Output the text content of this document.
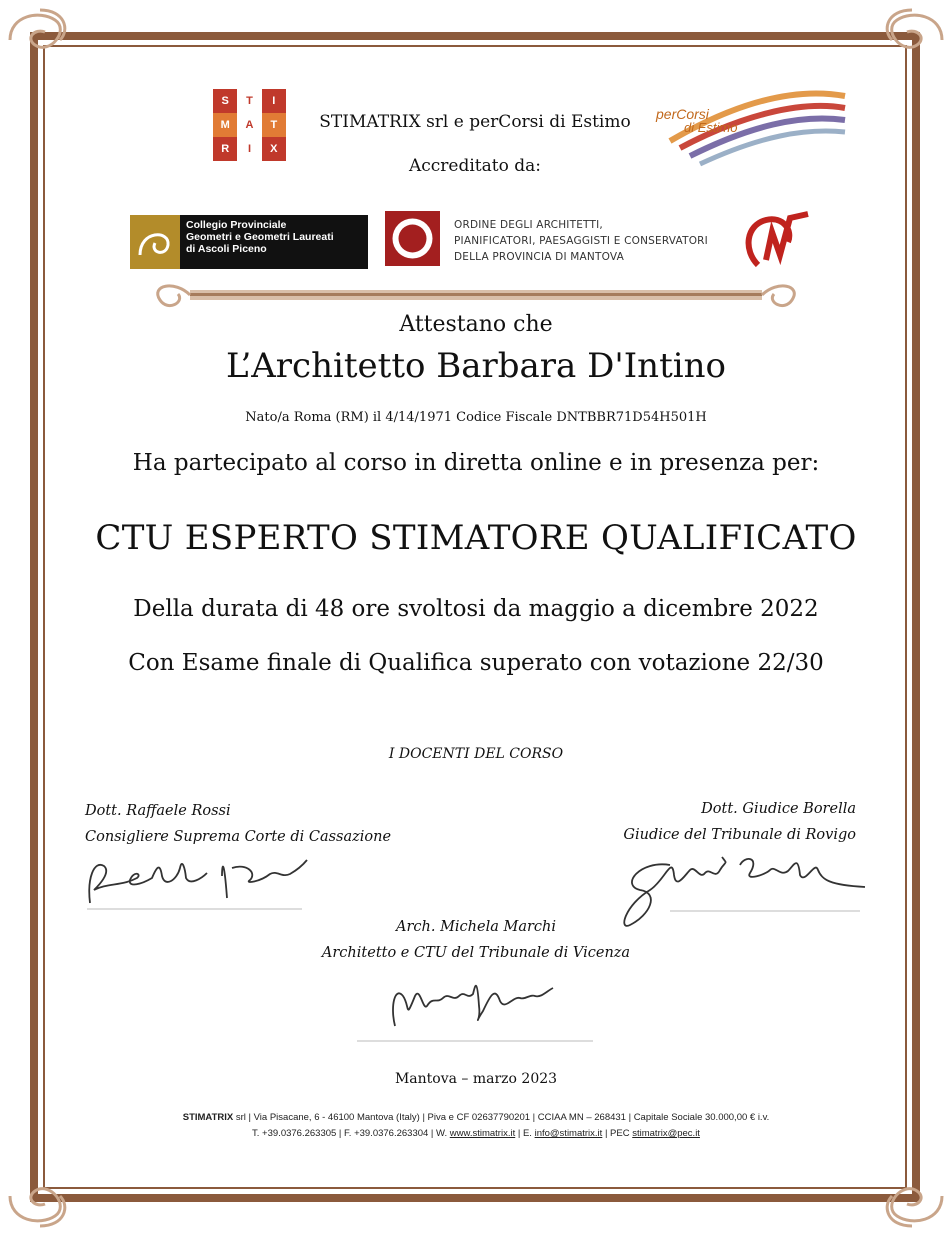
S	T	I
M	A	T
R	I	X
STIMATRIX srl e perCorsi di Estimo
Accreditato da:
perCorsi
di Estimo
Collegio Provinciale
Geometri e Geometri Laureati
di Ascoli Piceno
ORDINE DEGLI ARCHITETTI,
PIANIFICATORI, PAESAGGISTI E CONSERVATORI
DELLA PROVINCIA DI MANTOVA
Attestano che
L’Architetto Barbara D'Intino
Nato/a Roma (RM) il 4/14/1971 Codice Fiscale DNTBBR71D54H501H
Ha partecipato al corso in diretta online e in presenza per:
CTU ESPERTO STIMATORE QUALIFICATO
Della durata di 48 ore svoltosi da maggio a dicembre 2022
Con Esame finale di Qualifica superato con votazione 22/30
I DOCENTI DEL CORSO
Dott. Raffaele Rossi
Consigliere Suprema Corte di Cassazione
Dott. Giudice Borella
Giudice del Tribunale di Rovigo
Arch. Michela Marchi
Architetto e CTU del Tribunale di Vicenza
Mantova – marzo 2023
STIMATRIX srl | Via Pisacane, 6 - 46100 Mantova (Italy) | Piva e CF 02637790201 | CCIAA MN – 268431 | Capitale Sociale 30.000,00 € i.v.
T. +39.0376.263305 | F. +39.0376.263304 | W. www.stimatrix.it | E. info@stimatrix.it | PEC stimatrix@pec.it
